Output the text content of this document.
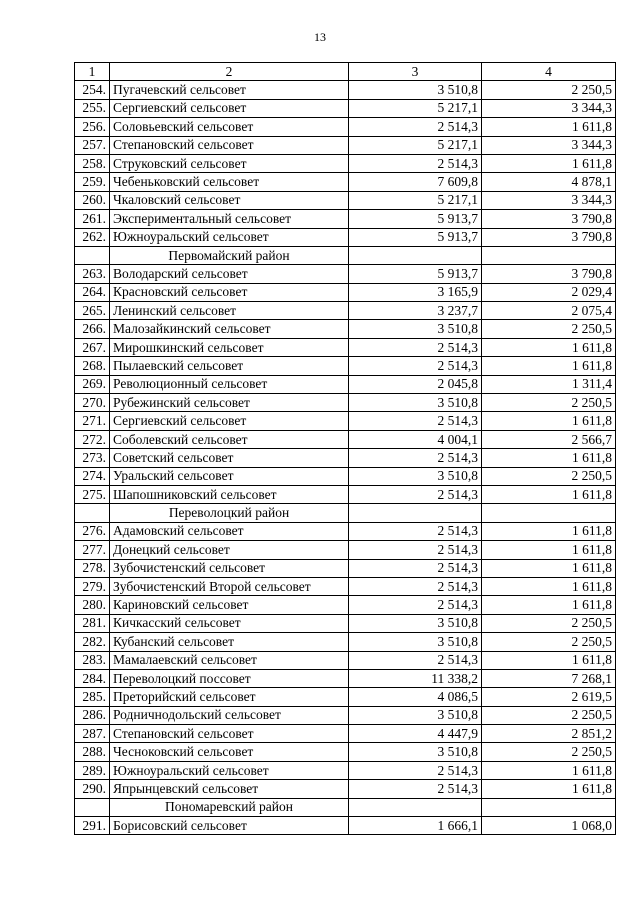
13
1	2	3	4
254.	Пугачевский сельсовет	3 510,8	2 250,5
255.	Сергиевский сельсовет	5 217,1	3 344,3
256.	Соловьевский сельсовет	2 514,3	1 611,8
257.	Степановский сельсовет	5 217,1	3 344,3
258.	Струковский сельсовет	2 514,3	1 611,8
259.	Чебеньковский сельсовет	7 609,8	4 878,1
260.	Чкаловский сельсовет	5 217,1	3 344,3
261.	Экспериментальный сельсовет	5 913,7	3 790,8
262.	Южноуральский сельсовет	5 913,7	3 790,8
	Первомайский район		
263.	Володарский сельсовет	5 913,7	3 790,8
264.	Красновский сельсовет	3 165,9	2 029,4
265.	Ленинский сельсовет	3 237,7	2 075,4
266.	Малозайкинский сельсовет	3 510,8	2 250,5
267.	Мирошкинский сельсовет	2 514,3	1 611,8
268.	Пылаевский сельсовет	2 514,3	1 611,8
269.	Революционный сельсовет	2 045,8	1 311,4
270.	Рубежинский сельсовет	3 510,8	2 250,5
271.	Сергиевский сельсовет	2 514,3	1 611,8
272.	Соболевский сельсовет	4 004,1	2 566,7
273.	Советский сельсовет	2 514,3	1 611,8
274.	Уральский сельсовет	3 510,8	2 250,5
275.	Шапошниковский сельсовет	2 514,3	1 611,8
	Переволоцкий район		
276.	Адамовский сельсовет	2 514,3	1 611,8
277.	Донецкий сельсовет	2 514,3	1 611,8
278.	Зубочистенский сельсовет	2 514,3	1 611,8
279.	Зубочистенский Второй сельсовет	2 514,3	1 611,8
280.	Кариновский сельсовет	2 514,3	1 611,8
281.	Кичкасский сельсовет	3 510,8	2 250,5
282.	Кубанский сельсовет	3 510,8	2 250,5
283.	Мамалаевский сельсовет	2 514,3	1 611,8
284.	Переволоцкий поссовет	11 338,2	7 268,1
285.	Преторийский сельсовет	4 086,5	2 619,5
286.	Родничнодольский сельсовет	3 510,8	2 250,5
287.	Степановский сельсовет	4 447,9	2 851,2
288.	Чесноковский сельсовет	3 510,8	2 250,5
289.	Южноуральский сельсовет	2 514,3	1 611,8
290.	Япрынцевский сельсовет	2 514,3	1 611,8
	Пономаревский район		
291.	Борисовский сельсовет	1 666,1	1 068,0
